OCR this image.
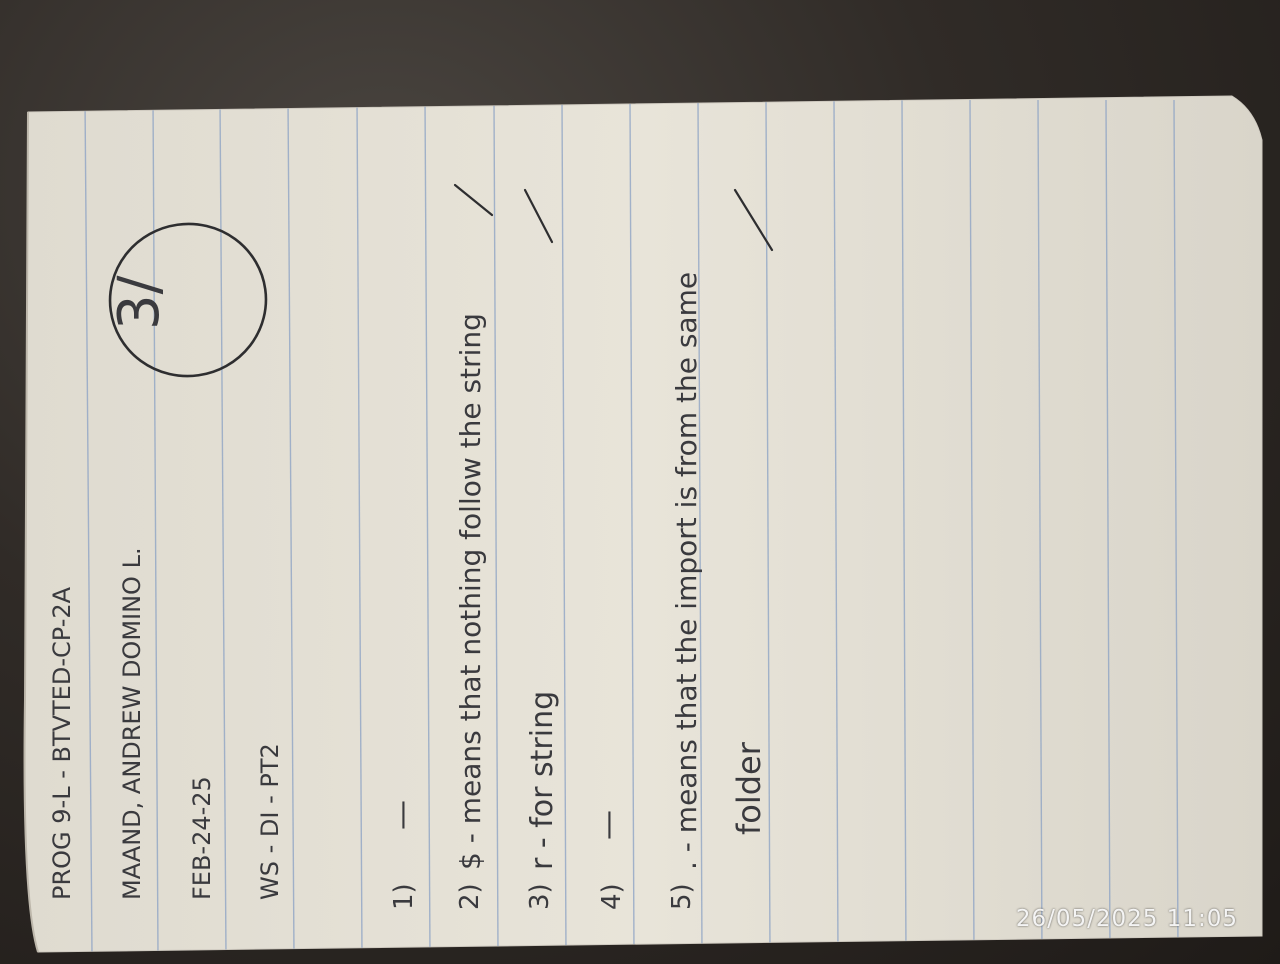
PROG 9-L - BTVTED-CP-2A MAAND, ANDREW DOMINO L. FEB-24-25 WS - DI - PT2
3/
1)
—
2)
$ - means that nothing follow the string
3)
r - for string
4)
—
5)
. - means that the import is from the same folder
26/05/2025 11:05
